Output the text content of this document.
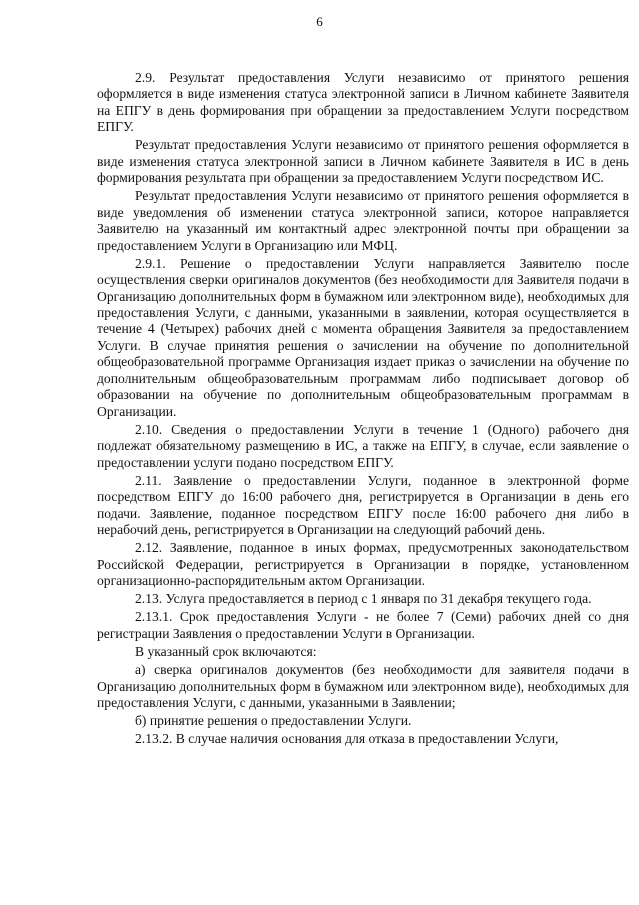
6

2.9. Результат предоставления Услуги независимо от принятого решения оформляется в виде изменения статуса электронной записи в Личном кабинете Заявителя на ЕПГУ в день формирования при обращении за предоставлением Услуги посредством ЕПГУ.

Результат предоставления Услуги независимо от принятого решения оформляется в виде изменения статуса электронной записи в Личном кабинете Заявителя в ИС в день формирования результата при обращении за предоставлением Услуги посредством ИС.

Результат предоставления Услуги независимо от принятого решения оформляется в виде уведомления об изменении статуса электронной записи, которое направляется Заявителю на указанный им контактный адрес электронной почты при обращении за предоставлением Услуги в Организацию или МФЦ.

2.9.1. Решение о предоставлении Услуги направляется Заявителю после осуществления сверки оригиналов документов (без необходимости для Заявителя подачи в Организацию дополнительных форм в бумажном или электронном виде), необходимых для предоставления Услуги, с данными, указанными в заявлении, которая осуществляется в течение 4 (Четырех) рабочих дней с момента обращения Заявителя за предоставлением Услуги. В случае принятия решения о зачислении на обучение по дополнительной общеобразовательной программе Организация издает приказ о зачислении на обучение по дополнительным общеобразовательным программам либо подписывает договор об образовании на обучение по дополнительным общеобразовательным программам в Организации.

2.10. Сведения о предоставлении Услуги в течение 1 (Одного) рабочего дня подлежат обязательному размещению в ИС, а также на ЕПГУ, в случае, если заявление о предоставлении услуги подано посредством ЕПГУ.

2.11. Заявление о предоставлении Услуги, поданное в электронной форме посредством ЕПГУ до 16:00 рабочего дня, регистрируется в Организации в день его подачи. Заявление, поданное посредством ЕПГУ после 16:00 рабочего дня либо в нерабочий день, регистрируется в Организации на следующий рабочий день.

2.12. Заявление, поданное в иных формах, предусмотренных законодательством Российской Федерации, регистрируется в Организации в порядке, установленном организационно-распорядительным актом Организации.

2.13. Услуга предоставляется в период с 1 января по 31 декабря текущего года.

2.13.1. Срок предоставления Услуги - не более 7 (Семи) рабочих дней со дня регистрации Заявления о предоставлении Услуги в Организации.

В указанный срок включаются:

а) сверка оригиналов документов (без необходимости для заявителя подачи в Организацию дополнительных форм в бумажном или электронном виде), необходимых для предоставления Услуги, с данными, указанными в Заявлении;

б) принятие решения о предоставлении Услуги.

2.13.2. В случае наличия основания для отказа в предоставлении Услуги,
